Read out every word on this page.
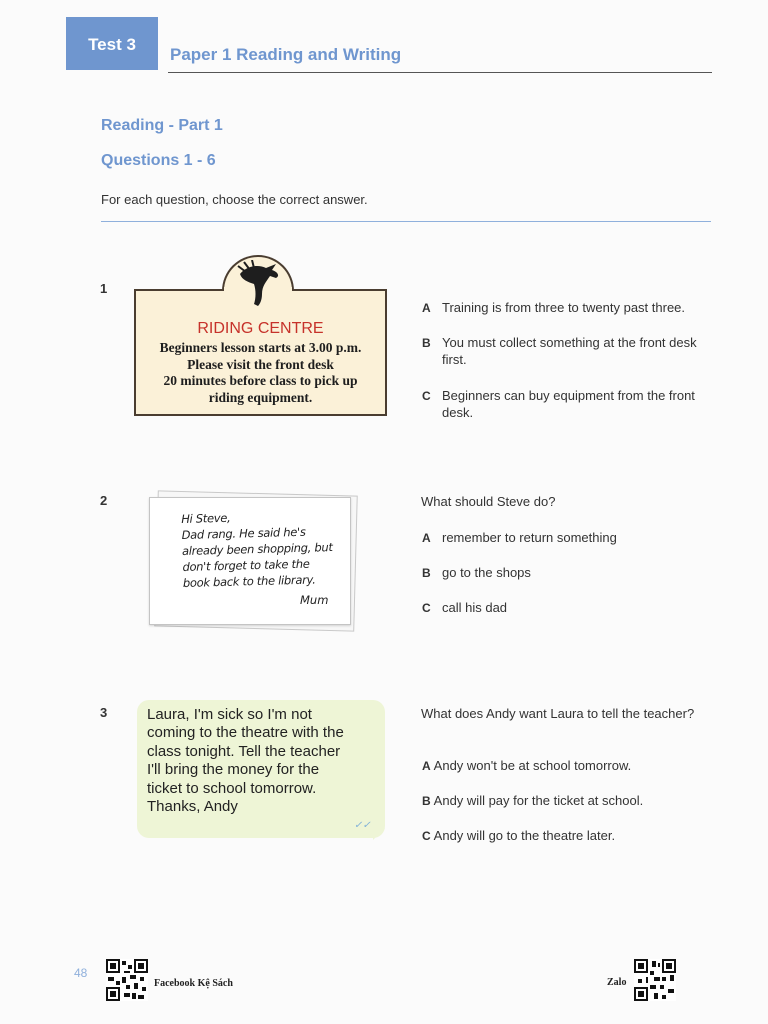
Test 3
Paper 1 Reading and Writing
Reading - Part 1
Questions 1 - 6
For each question, choose the correct answer.
1
RIDING CENTRE
Beginners lesson starts at 3.00 p.m.
Please visit the front desk
20 minutes before class to pick up
riding equipment.
A Training is from three to twenty past three.
B You must collect something at the front desk first.
C Beginners can buy equipment from the front desk.
2
Hi Steve,
Dad rang. He said he's
already been shopping, but
don't forget to take the
book back to the library.
Mum
What should Steve do?
A remember to return something
B go to the shops
C call his dad
3	Laura, I'm sick so I'm not
coming to the theatre with the
class tonight. Tell the teacher
I'll bring the money for the
ticket to school tomorrow.
Thanks, Andy
✓✓
What does Andy want Laura to tell the teacher?
A Andy won't be at school tomorrow.
B Andy will pay for the ticket at school.
C Andy will go to the theatre later.
48
Facebook Kệ Sách	Zalo
